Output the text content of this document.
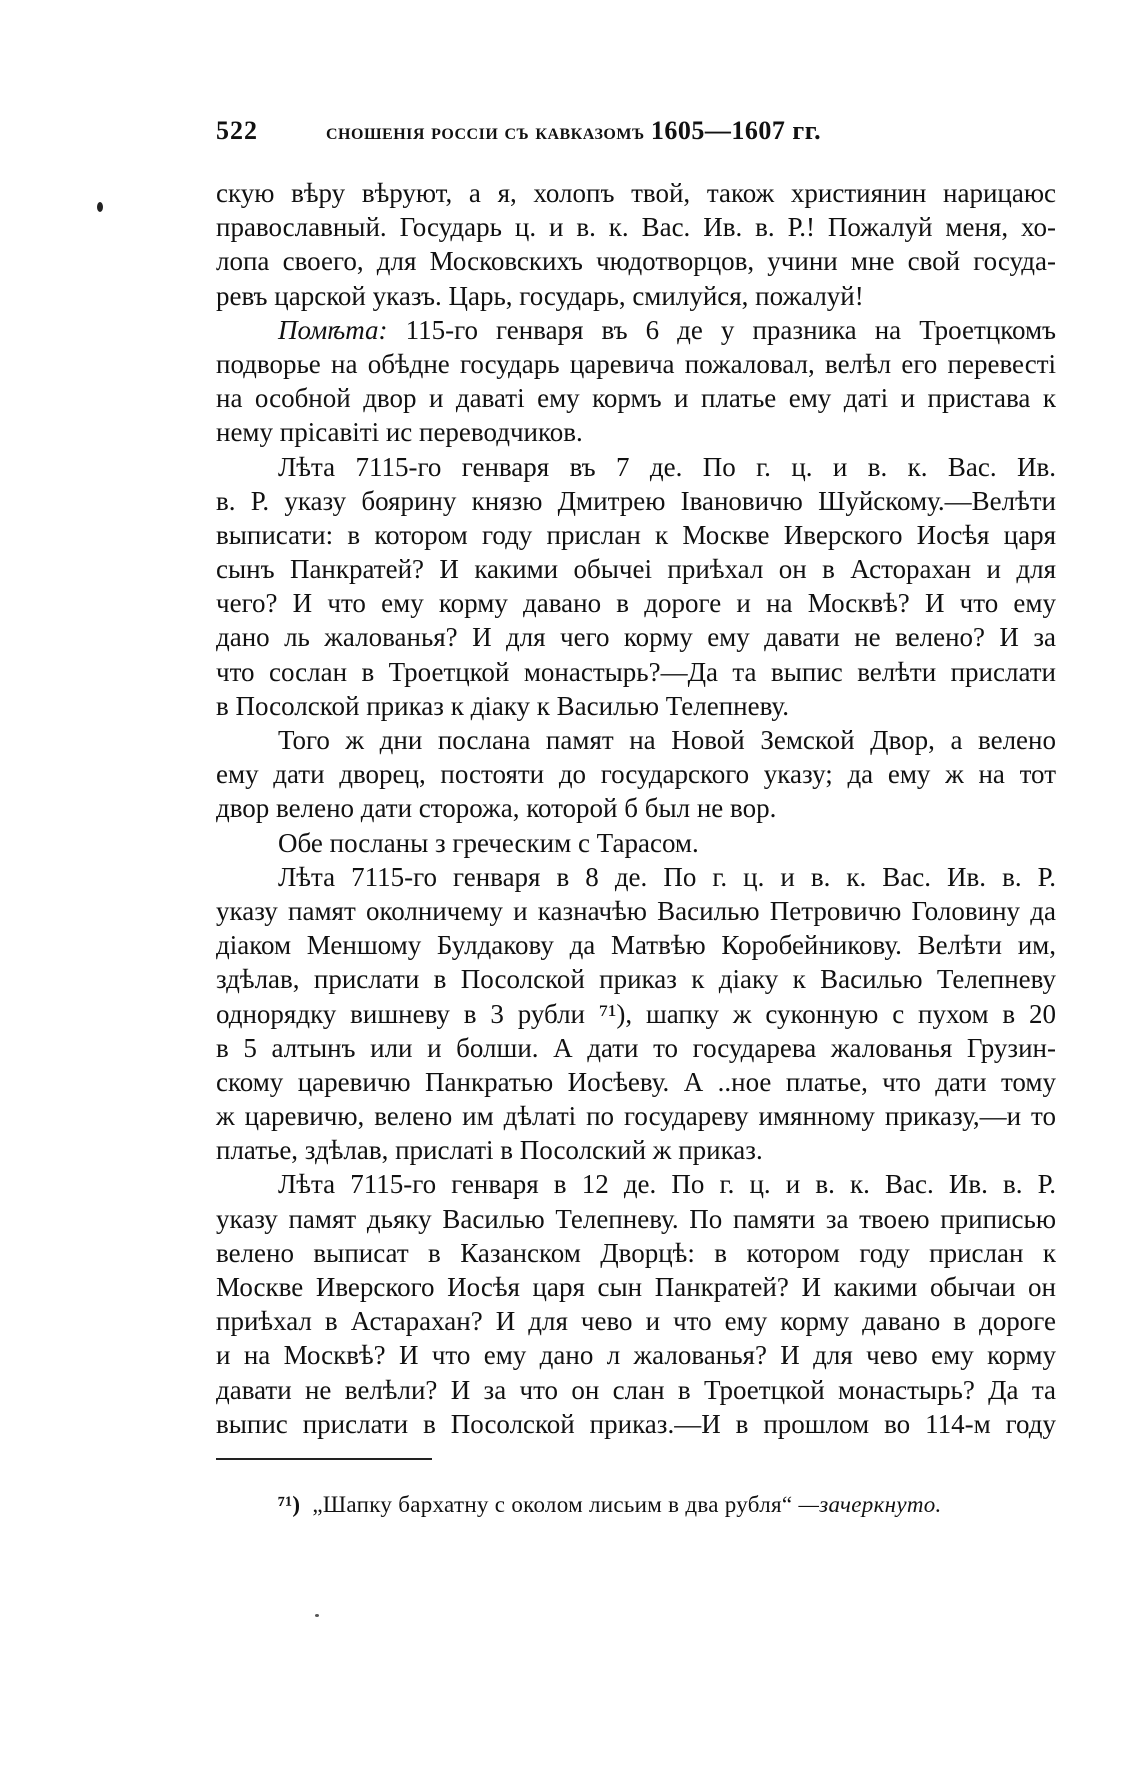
522	сношенія россіи съ кавказомъ 1605—1607 гг.
скую вѣру вѣруют, а я, холопъ твой, також християнин нарицаюс
православный. Государь ц. и в. к. Вас. Ив. в. Р.! Пожалуй меня, хо-
лопа своего, для Московскихъ чюдотворцов, учини мне свой госуда-
ревъ царской указъ. Царь, государь, смилуйся, пожалуй!
Помѣта: 115-го генваря въ 6 де у празника на Троетцкомъ
подворье на обѣдне государь царевича пожаловал, велѣл его перевесті
на особной двор и даваті ему кормъ и платье ему даті и пристава к
нему прісавіті ис переводчиков.
Лѣта 7115-го генваря въ 7 де. По г. ц. и в. к. Вас. Ив.
в. Р. указу боярину князю Дмитрею Івановичю Шуйскому.—Велѣти
выписати: в котором году прислан к Москве Иверского Иосѣя царя
сынъ Панкратей? И какими обычеі приѣхал он в Асторахан и для
чего? И что ему корму давано в дороге и на Москвѣ? И что ему
дано ль жалованья? И для чего корму ему давати не велено? И за
что сослан в Троетцкой монастырь?—Да та выпис велѣти прислати
в Посолской приказ к діаку к Василью Телепневу.
Того ж дни послана памят на Новой Земской Двор, а велено
ему дати дворец, постояти до государского указу; да ему ж на тот
двор велено дати сторожа, которой б был не вор.
Обе посланы з греческим с Тарасом.
Лѣта 7115-го генваря в 8 де. По г. ц. и в. к. Вас. Ив. в. Р.
указу памят околничему и казначѣю Василью Петровичю Головину да
діаком Меншому Булдакову да Матвѣю Коробейникову. Велѣти им,
здѣлав, прислати в Посолской приказ к діаку к Василью Телепневу
однорядку вишневу в 3 рубли ⁷¹), шапку ж суконную с пухом в 20
в 5 алтынъ или и болши. А дати то государева жалованья Грузин-
скому царевичю Панкратью Иосѣеву. А ..ное платье, что дати тому
ж царевичю, велено им дѣлаті по государеву имянному приказу,—и то
платье, здѣлав, прислаті в Посолский ж приказ.
Лѣта 7115-го генваря в 12 де. По г. ц. и в. к. Вас. Ив. в. Р.
указу памят дьяку Василью Телепневу. По памяти за твоею приписью
велено выписат в Казанском Дворцѣ: в котором году прислан к
Москве Иверского Иосѣя царя сын Панкратей? И какими обычаи он
приѣхал в Астарахан? И для чево и что ему корму давано в дороге
и на Москвѣ? И что ему дано л жалованья? И для чево ему корму
давати не велѣли? И за что он слан в Троетцкой монастырь? Да та
выпис прислати в Посолской приказ.—И в прошлом во 114-м году
⁷¹) „Шапку бархатну с околом лисьим в два рубля“ —зачеркнуто.
